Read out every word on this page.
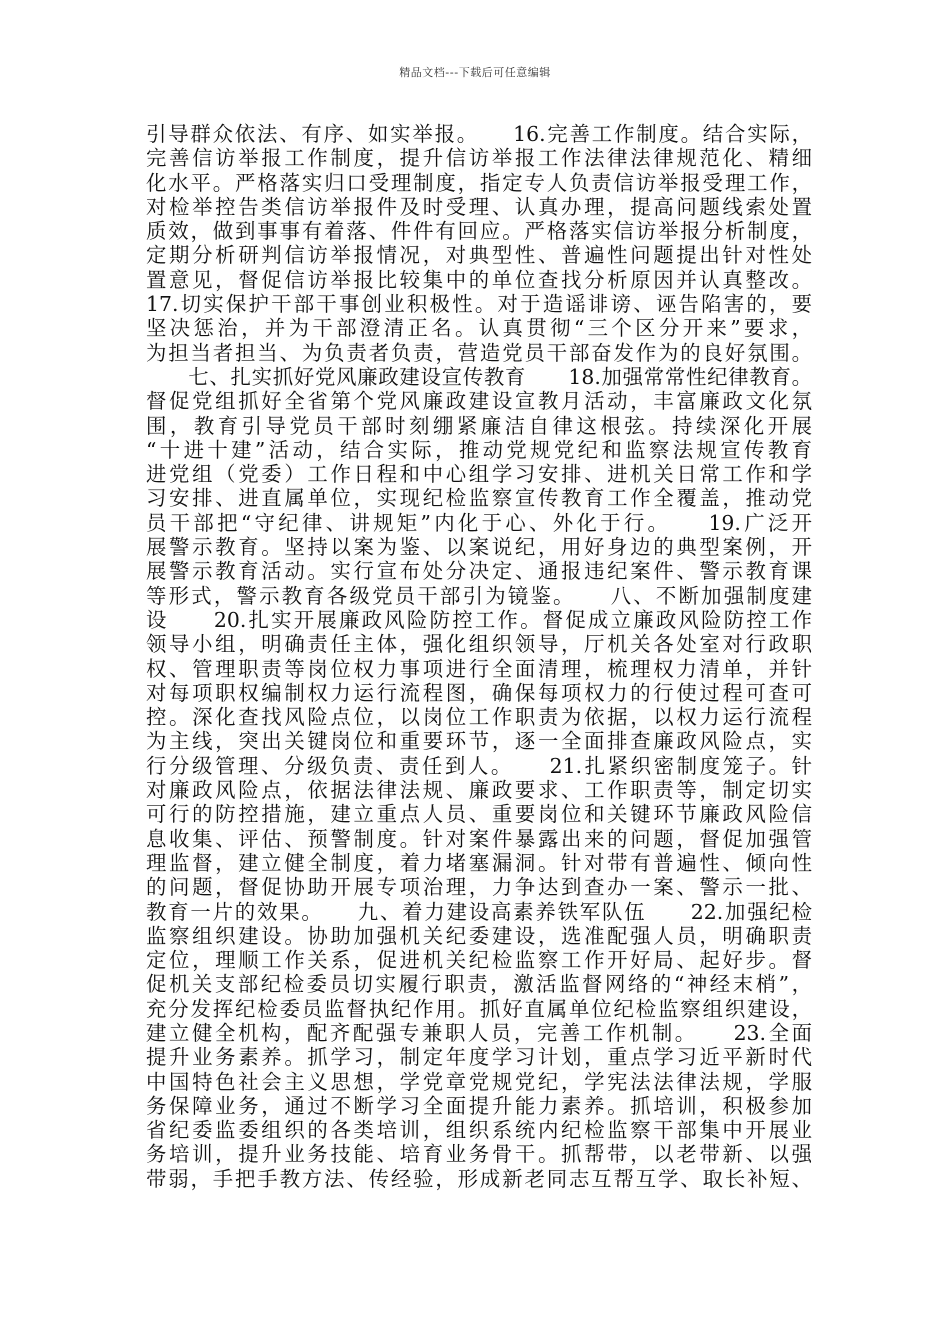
精品文档---下载后可任意编辑
引导群众依法、有序、如实举报。　　16.完善工作制度。结合实际，
完善信访举报工作制度，提升信访举报工作法律法律规范化、精细
化水平。严格落实归口受理制度，指定专人负责信访举报受理工作，
对检举控告类信访举报件及时受理、认真办理，提高问题线索处置
质效，做到事事有着落、件件有回应。严格落实信访举报分析制度，
定期分析研判信访举报情况，对典型性、普遍性问题提出针对性处
置意见，督促信访举报比较集中的单位查找分析原因并认真整改。
17.切实保护干部干事创业积极性。对于造谣诽谤、诬告陷害的，要
坚决惩治，并为干部澄清正名。认真贯彻“三个区分开来”要求，
为担当者担当、为负责者负责，营造党员干部奋发作为的良好氛围。
　　七、扎实抓好党风廉政建设宣传教育　　18.加强常常性纪律教育。
督促党组抓好全省第个党风廉政建设宣教月活动，丰富廉政文化氛
围，教育引导党员干部时刻绷紧廉洁自律这根弦。持续深化开展
“十进十建”活动，结合实际，推动党规党纪和监察法规宣传教育
进党组（党委）工作日程和中心组学习安排、进机关日常工作和学
习安排、进直属单位，实现纪检监察宣传教育工作全覆盖，推动党
员干部把“守纪律、讲规矩”内化于心、外化于行。　　19.广泛开
展警示教育。坚持以案为鉴、以案说纪，用好身边的典型案例，开
展警示教育活动。实行宣布处分决定、通报违纪案件、警示教育课
等形式，警示教育各级党员干部引为镜鉴。　　八、不断加强制度建
设　　20.扎实开展廉政风险防控工作。督促成立廉政风险防控工作
领导小组，明确责任主体，强化组织领导，厅机关各处室对行政职
权、管理职责等岗位权力事项进行全面清理，梳理权力清单，并针
对每项职权编制权力运行流程图，确保每项权力的行使过程可查可
控。深化查找风险点位，以岗位工作职责为依据，以权力运行流程
为主线，突出关键岗位和重要环节，逐一全面排查廉政风险点，实
行分级管理、分级负责、责任到人。　　21.扎紧织密制度笼子。针
对廉政风险点，依据法律法规、廉政要求、工作职责等，制定切实
可行的防控措施，建立重点人员、重要岗位和关键环节廉政风险信
息收集、评估、预警制度。针对案件暴露出来的问题，督促加强管
理监督，建立健全制度，着力堵塞漏洞。针对带有普遍性、倾向性
的问题，督促协助开展专项治理，力争达到查办一案、警示一批、
教育一片的效果。　　九、着力建设高素养铁军队伍　　22.加强纪检
监察组织建设。协助加强机关纪委建设，选准配强人员，明确职责
定位，理顺工作关系，促进机关纪检监察工作开好局、起好步。督
促机关支部纪检委员切实履行职责，激活监督网络的“神经末梢”，
充分发挥纪检委员监督执纪作用。抓好直属单位纪检监察组织建设，
建立健全机构，配齐配强专兼职人员，完善工作机制。　　23.全面
提升业务素养。抓学习，制定年度学习计划，重点学习近平新时代
中国特色社会主义思想，学党章党规党纪，学宪法法律法规，学服
务保障业务，通过不断学习全面提升能力素养。抓培训，积极参加
省纪委监委组织的各类培训，组织系统内纪检监察干部集中开展业
务培训，提升业务技能、培育业务骨干。抓帮带，以老带新、以强
带弱，手把手教方法、传经验，形成新老同志互帮互学、取长补短、
